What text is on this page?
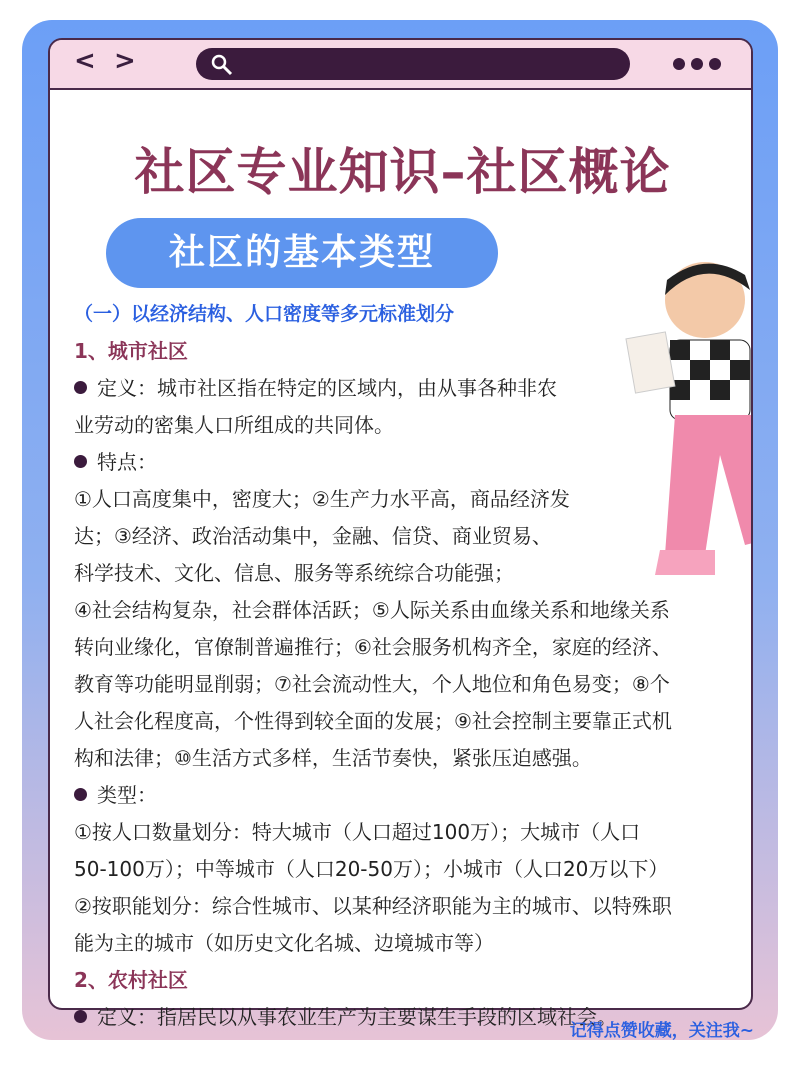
< >
社区专业知识–社区概论
社区的基本类型
（一）以经济结构、人口密度等多元标准划分
1、城市社区
定义：城市社区指在特定的区域内，由从事各种非农
业劳动的密集人口所组成的共同体。
特点：
①人口高度集中，密度大；②生产力水平高，商品经济发
达；③经济、政治活动集中，金融、信贷、商业贸易、
科学技术、文化、信息、服务等系统综合功能强；
④社会结构复杂，社会群体活跃；⑤人际关系由血缘关系和地缘关系
转向业缘化，官僚制普遍推行；⑥社会服务机构齐全，家庭的经济、
教育等功能明显削弱；⑦社会流动性大，个人地位和角色易变；⑧个
人社会化程度高，个性得到较全面的发展；⑨社会控制主要靠正式机
构和法律；⑩生活方式多样，生活节奏快，紧张压迫感强。
类型：
①按人口数量划分：特大城市（人口超过100万）；大城市（人口
50-100万）；中等城市（人口20-50万）；小城市（人口20万以下）
②按职能划分：综合性城市、以某种经济职能为主的城市、以特殊职
能为主的城市（如历史文化名城、边境城市等）
2、农村社区
定义：指居民以从事农业生产为主要谋生手段的区域社会。
记得点赞收藏，关注我~
